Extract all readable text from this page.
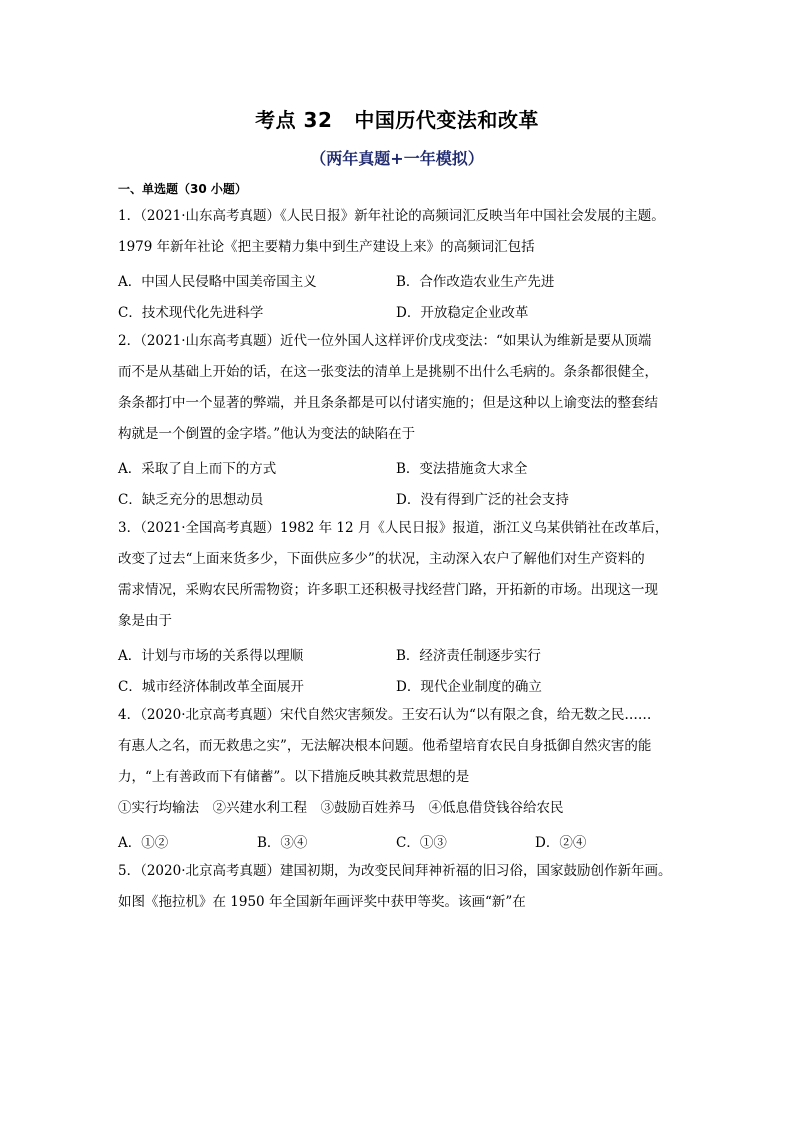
考点 32 中国历代变法和改革
（两年真题+一年模拟）
一、单选题（30 小题）

1．（2021·山东高考真题）《人民日报》新年社论的高频词汇反映当年中国社会发展的主题。

1979 年新年社论《把主要精力集中到生产建设上来》的高频词汇包括

A．中国人民侵略中国美帝国主义	B．合作改造农业生产先进
C．技术现代化先进科学	D．开放稳定企业改革

2．（2021·山东高考真题）近代一位外国人这样评价戊戌变法：“如果认为维新是要从顶端

而不是从基础上开始的话，在这一张变法的清单上是挑剔不出什么毛病的。条条都很健全，

条条都打中一个显著的弊端，并且条条都是可以付诸实施的；但是这种以上谕变法的整套结

构就是一个倒置的金字塔。”他认为变法的缺陷在于

A．采取了自上而下的方式	B．变法措施贪大求全
C．缺乏充分的思想动员	D．没有得到广泛的社会支持

3．（2021·全国高考真题）1982 年 12 月《人民日报》报道，浙江义乌某供销社在改革后，

改变了过去“上面来货多少，下面供应多少”的状况，主动深入农户了解他们对生产资料的

需求情况，采购农民所需物资；许多职工还积极寻找经营门路，开拓新的市场。出现这一现

象是由于

A．计划与市场的关系得以理顺	B．经济责任制逐步实行
C．城市经济体制改革全面展开	D．现代企业制度的确立

4．（2020·北京高考真题）宋代自然灾害频发。王安石认为“以有限之食，给无数之民……

有惠人之名，而无救患之实”，无法解决根本问题。他希望培育农民自身抵御自然灾害的能

力，“上有善政而下有储蓄”。以下措施反映其救荒思想的是

①实行均输法　②兴建水利工程　③鼓励百姓养马　④低息借贷钱谷给农民

A．①②	B．③④	C．①③	D．②④

5．（2020·北京高考真题）建国初期，为改变民间拜神祈福的旧习俗，国家鼓励创作新年画。

如图《拖拉机》在 1950 年全国新年画评奖中获甲等奖。该画“新”在
